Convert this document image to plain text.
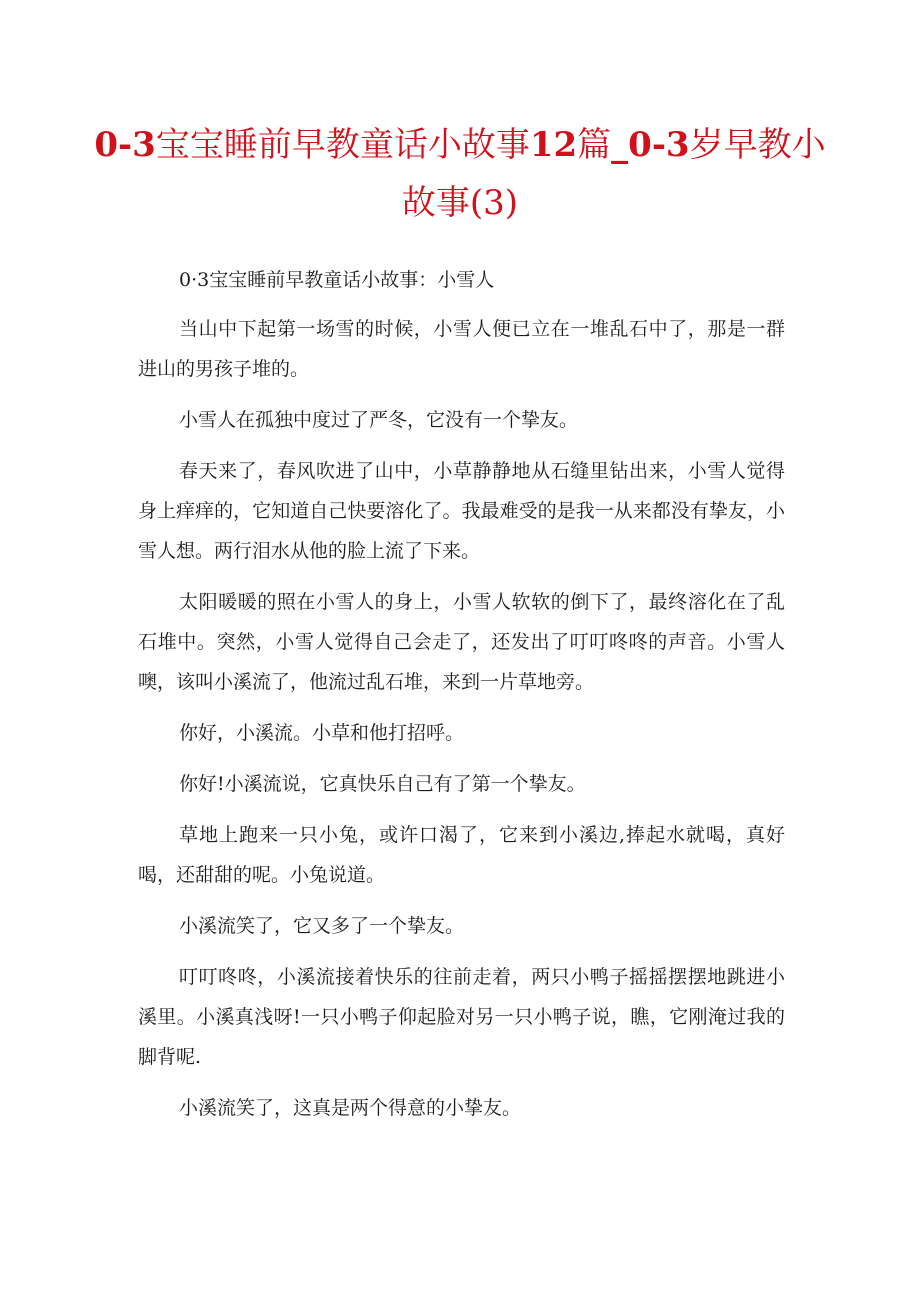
0-3宝宝睡前早教童话小故事12篇_0-3岁早教小故事(3)

0·3宝宝睡前早教童话小故事：小雪人

当山中下起第一场雪的时候，小雪人便已立在一堆乱石中了，那是一群进山的男孩子堆的。

小雪人在孤独中度过了严冬，它没有一个挚友。

春天来了，春风吹进了山中，小草静静地从石缝里钻出来，小雪人觉得身上痒痒的，它知道自己快要溶化了。我最难受的是我一从来都没有挚友，小雪人想。两行泪水从他的脸上流了下来。

太阳暖暖的照在小雪人的身上，小雪人软软的倒下了，最终溶化在了乱石堆中。突然，小雪人觉得自己会走了，还发出了叮叮咚咚的声音。小雪人噢，该叫小溪流了，他流过乱石堆，来到一片草地旁。

你好，小溪流。小草和他打招呼。

你好!小溪流说，它真快乐自己有了第一个挚友。

草地上跑来一只小兔，或许口渴了，它来到小溪边,捧起水就喝，真好喝，还甜甜的呢。小兔说道。

小溪流笑了，它又多了一个挚友。

叮叮咚咚，小溪流接着快乐的往前走着，两只小鸭子摇摇摆摆地跳进小溪里。小溪真浅呀!一只小鸭子仰起脸对另一只小鸭子说，瞧，它刚淹过我的脚背呢.

小溪流笑了，这真是两个得意的小挚友。
